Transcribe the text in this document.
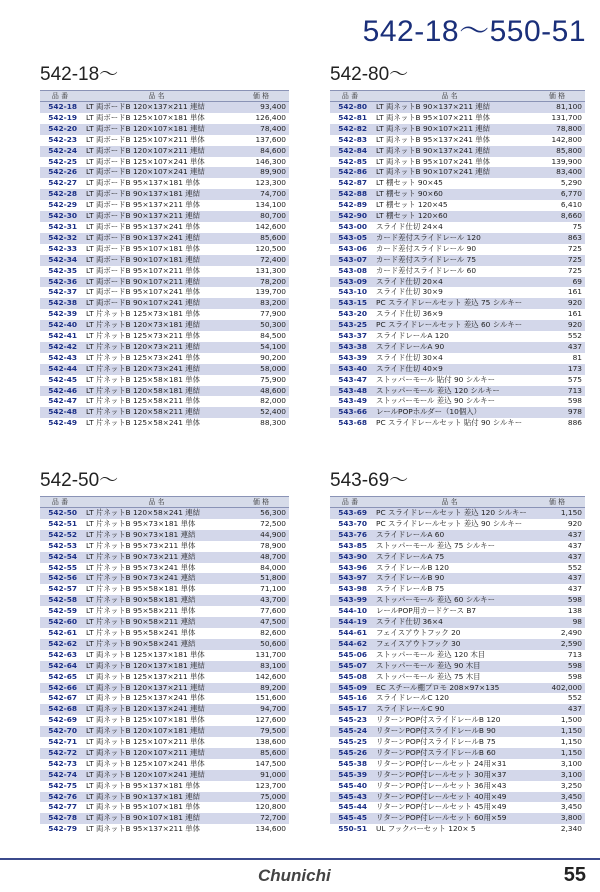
542-18～550-51
542-18～
品 番	品 名	価 格
542-18	LT 両ボードB 120×137×211 連結	93,400
542-19	LT 両ボードB 125×107×181 単体	126,400
542-20	LT 両ボードB 120×107×181 連結	78,400
542-23	LT 両ボードB 125×107×211 単体	137,600
542-24	LT 両ボードB 120×107×211 連結	84,600
542-25	LT 両ボードB 125×107×241 単体	146,300
542-26	LT 両ボードB 120×107×241 連結	89,900
542-27	LT 両ボードB 95×137×181 単体	123,300
542-28	LT 両ボードB 90×137×181 連結	74,700
542-29	LT 両ボードB 95×137×211 単体	134,100
542-30	LT 両ボードB 90×137×211 連結	80,700
542-31	LT 両ボードB 95×137×241 単体	142,600
542-32	LT 両ボードB 90×137×241 連結	85,600
542-33	LT 両ボードB 95×107×181 単体	120,500
542-34	LT 両ボードB 90×107×181 連結	72,400
542-35	LT 両ボードB 95×107×211 単体	131,300
542-36	LT 両ボードB 90×107×211 連結	78,200
542-37	LT 両ボードB 95×107×241 単体	139,700
542-38	LT 両ボードB 90×107×241 連結	83,200
542-39	LT 片ネットB 125×73×181 単体	77,900
542-40	LT 片ネットB 120×73×181 連結	50,300
542-41	LT 片ネットB 125×73×211 単体	84,500
542-42	LT 片ネットB 120×73×211 連結	54,100
542-43	LT 片ネットB 125×73×241 単体	90,200
542-44	LT 片ネットB 120×73×241 連結	58,000
542-45	LT 片ネットB 125×58×181 単体	75,900
542-46	LT 片ネットB 120×58×181 連結	48,600
542-47	LT 片ネットB 125×58×211 単体	82,000
542-48	LT 片ネットB 120×58×211 連結	52,400
542-49	LT 片ネットB 125×58×241 単体	88,300
542-80～
品 番	品 名	価 格
542-80	LT 両ネットB 90×137×211 連結	81,100
542-81	LT 両ネットB 95×107×211 単体	131,700
542-82	LT 両ネットB 90×107×211 連結	78,800
542-83	LT 両ネットB 95×137×241 単体	142,800
542-84	LT 両ネットB 90×137×241 連結	85,800
542-85	LT 両ネットB 95×107×241 単体	139,900
542-86	LT 両ネットB 90×107×241 連結	83,400
542-87	LT 棚セット 90×45	5,290
542-88	LT 棚セット 90×60	6,770
542-89	LT 棚セット 120×45	6,410
542-90	LT 棚セット 120×60	8,660
543-00	スライド仕切 24×4	75
543-05	カード差付スライドレール 120	863
543-06	カード差付スライドレール 90	725
543-07	カード差付スライドレール 75	725
543-08	カード差付スライドレール 60	725
543-09	スライド仕切 20×4	69
543-10	スライド仕切 30×9	161
543-15	PC スライドレールセット 差込 75 シルキー	920
543-20	スライド仕切 36×9	161
543-25	PC スライドレールセット 差込 60 シルキー	920
543-37	スライドレールA 120	552
543-38	スライドレールA 90	437
543-39	スライド仕切 30×4	81
543-40	スライド仕切 40×9	173
543-47	ストッパーモール 貼付 90 シルキー	575
543-48	ストッパーモール 差込 120 シルキー	713
543-49	ストッパーモール 差込 90 シルキー	598
543-66	レールPOPホルダー（10個入）	978
543-68	PC スライドレールセット 貼付 90 シルキー	886
542-50～
品 番	品 名	価 格
542-50	LT 片ネットB 120×58×241 連結	56,300
542-51	LT 片ネットB 95×73×181 単体	72,500
542-52	LT 片ネットB 90×73×181 連結	44,900
542-53	LT 片ネットB 95×73×211 単体	78,900
542-54	LT 片ネットB 90×73×211 連結	48,700
542-55	LT 片ネットB 95×73×241 単体	84,000
542-56	LT 片ネットB 90×73×241 連結	51,800
542-57	LT 片ネットB 95×58×181 単体	71,100
542-58	LT 片ネットB 90×58×181 連結	43,700
542-59	LT 片ネットB 95×58×211 単体	77,600
542-60	LT 片ネットB 90×58×211 連結	47,500
542-61	LT 片ネットB 95×58×241 単体	82,600
542-62	LT 片ネットB 90×58×241 連結	50,600
542-63	LT 両ネットB 125×137×181 単体	131,700
542-64	LT 両ネットB 120×137×181 連結	83,100
542-65	LT 両ネットB 125×137×211 単体	142,600
542-66	LT 両ネットB 120×137×211 連結	89,200
542-67	LT 両ネットB 125×137×241 単体	151,600
542-68	LT 両ネットB 120×137×241 連結	94,700
542-69	LT 両ネットB 125×107×181 単体	127,600
542-70	LT 両ネットB 120×107×181 連結	79,500
542-71	LT 両ネットB 125×107×211 単体	138,600
542-72	LT 両ネットB 120×107×211 連結	85,600
542-73	LT 両ネットB 125×107×241 単体	147,500
542-74	LT 両ネットB 120×107×241 連結	91,000
542-75	LT 両ネットB 95×137×181 単体	123,700
542-76	LT 両ネットB 90×137×181 連結	75,000
542-77	LT 両ネットB 95×107×181 単体	120,800
542-78	LT 両ネットB 90×107×181 連結	72,700
542-79	LT 両ネットB 95×137×211 単体	134,600
543-69～
品 番	品 名	価 格
543-69	PC スライドレールセット 差込 120 シルキー	1,150
543-70	PC スライドレールセット 差込 90 シルキー	920
543-76	スライドレールA 60	437
543-85	ストッパーモール 差込 75 シルキー	437
543-90	スライドレールA 75	437
543-96	スライドレールB 120	552
543-97	スライドレールB 90	437
543-98	スライドレールB 75	437
543-99	ストッパーモール 差込 60 シルキー	598
544-10	レールPOP用カードケース B7	138
544-19	スライド仕切 36×4	98
544-61	フェイスアウトフック 20	2,490
544-62	フェイスアウトフック 30	2,590
545-06	ストッパーモール 差込 120 木目	713
545-07	ストッパーモール 差込 90 木目	598
545-08	ストッパーモール 差込 75 木目	598
545-09	EC スチール棚プロモ 208×97×135	402,000
545-16	スライドレールC 120	552
545-17	スライドレールC 90	437
545-23	リターンPOP付スライドレールB 120	1,500
545-24	リターンPOP付スライドレールB 90	1,150
545-25	リターンPOP付スライドレールB 75	1,150
545-26	リターンPOP付スライドレールB 60	1,150
545-38	リターンPOP付レールセット 24用×31	3,100
545-39	リターンPOP付レールセット 30用×37	3,100
545-40	リターンPOP付レールセット 36用×43	3,250
545-43	リターンPOP付レールセット 40用×49	3,450
545-44	リターンPOP付レールセット 45用×49	3,450
545-45	リターンPOP付レールセット 60用×59	3,800
550-51	UL フックバーセット 120× 5	2,340
Chunichi	55
